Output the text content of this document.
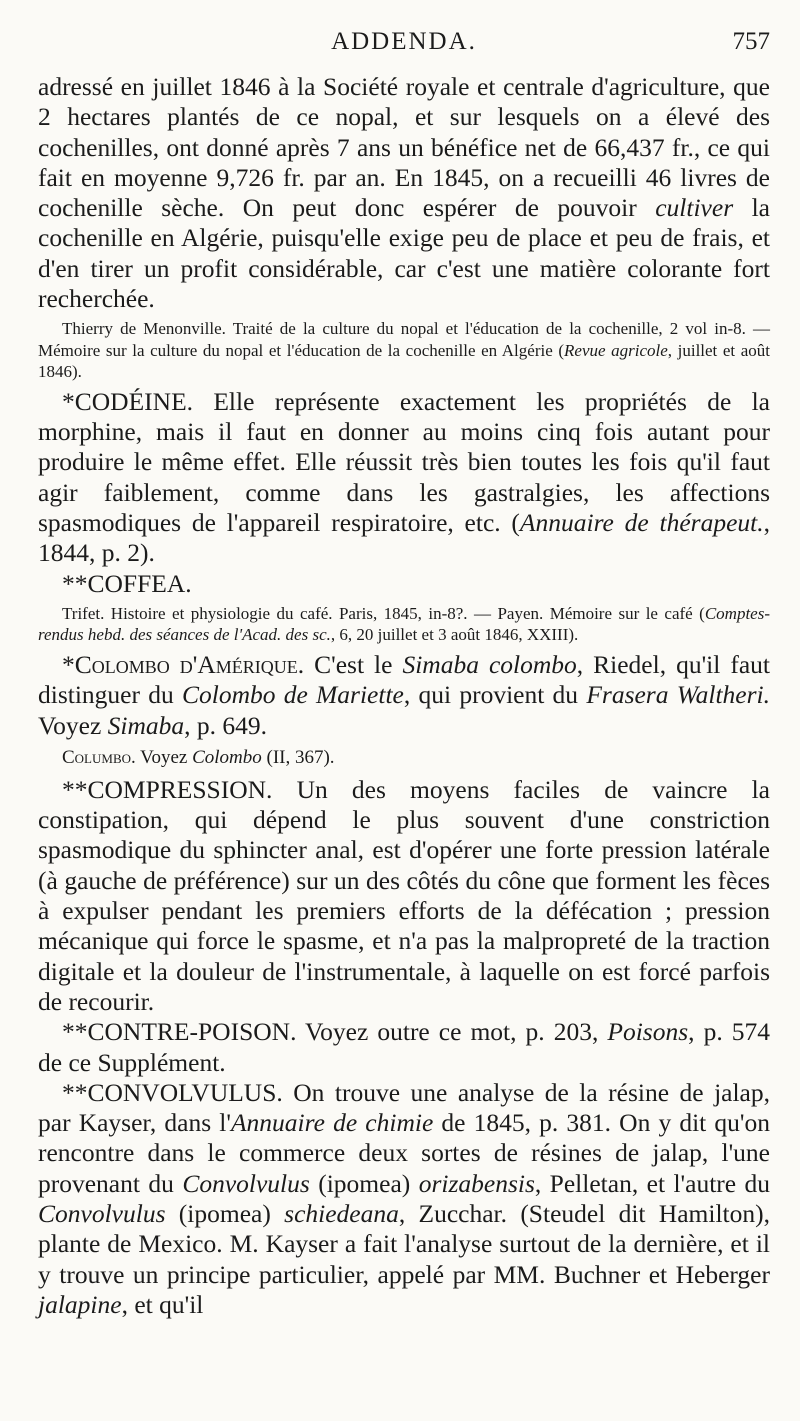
ADDENDA.	757

adressé en juillet 1846 à la Société royale et centrale d'agriculture, que 2 hectares plantés de ce nopal, et sur lesquels on a élevé des cochenilles, ont donné après 7 ans un bénéfice net de 66,437 fr., ce qui fait en moyenne 9,726 fr. par an. En 1845, on a recueilli 46 livres de cochenille sèche. On peut donc espérer de pouvoir cultiver la cochenille en Algérie, puisqu'elle exige peu de place et peu de frais, et d'en tirer un profit considérable, car c'est une matière colorante fort recherchée.

Thierry de Menonville. Traité de la culture du nopal et l'éducation de la cochenille, 2 vol in-8. — Mémoire sur la culture du nopal et l'éducation de la cochenille en Algérie (Revue agricole, juillet et août 1846).

*CODÉINE. Elle représente exactement les propriétés de la morphine, mais il faut en donner au moins cinq fois autant pour produire le même effet. Elle réussit très bien toutes les fois qu'il faut agir faiblement, comme dans les gastralgies, les affections spasmodiques de l'appareil respiratoire, etc. (Annuaire de thérapeut., 1844, p. 2).

**COFFEA.

Trifet. Histoire et physiologie du café. Paris, 1845, in-8?. — Payen. Mémoire sur le café (Comptes-rendus hebd. des séances de l'Acad. des sc., 6, 20 juillet et 3 août 1846, XXIII).

*Colombo d'Amérique. C'est le Simaba colombo, Riedel, qu'il faut distinguer du Colombo de Mariette, qui provient du Frasera Waltheri. Voyez Simaba, p. 649.

Columbo. Voyez Colombo (II, 367).

**COMPRESSION. Un des moyens faciles de vaincre la constipation, qui dépend le plus souvent d'une constriction spasmodique du sphincter anal, est d'opérer une forte pression latérale (à gauche de préférence) sur un des côtés du cône que forment les fèces à expulser pendant les premiers efforts de la défécation ; pression mécanique qui force le spasme, et n'a pas la malpropreté de la traction digitale et la douleur de l'instrumentale, à laquelle on est forcé parfois de recourir.

**CONTRE-POISON. Voyez outre ce mot, p. 203, Poisons, p. 574 de ce Supplément.

**CONVOLVULUS. On trouve une analyse de la résine de jalap, par Kayser, dans l'Annuaire de chimie de 1845, p. 381. On y dit qu'on rencontre dans le commerce deux sortes de résines de jalap, l'une provenant du Convolvulus (ipomea) orizabensis, Pelletan, et l'autre du Convolvulus (ipomea) schiedeana, Zucchar. (Steudel dit Hamilton), plante de Mexico. M. Kayser a fait l'analyse surtout de la dernière, et il y trouve un principe particulier, appelé par MM. Buchner et Heberger jalapine, et qu'il
